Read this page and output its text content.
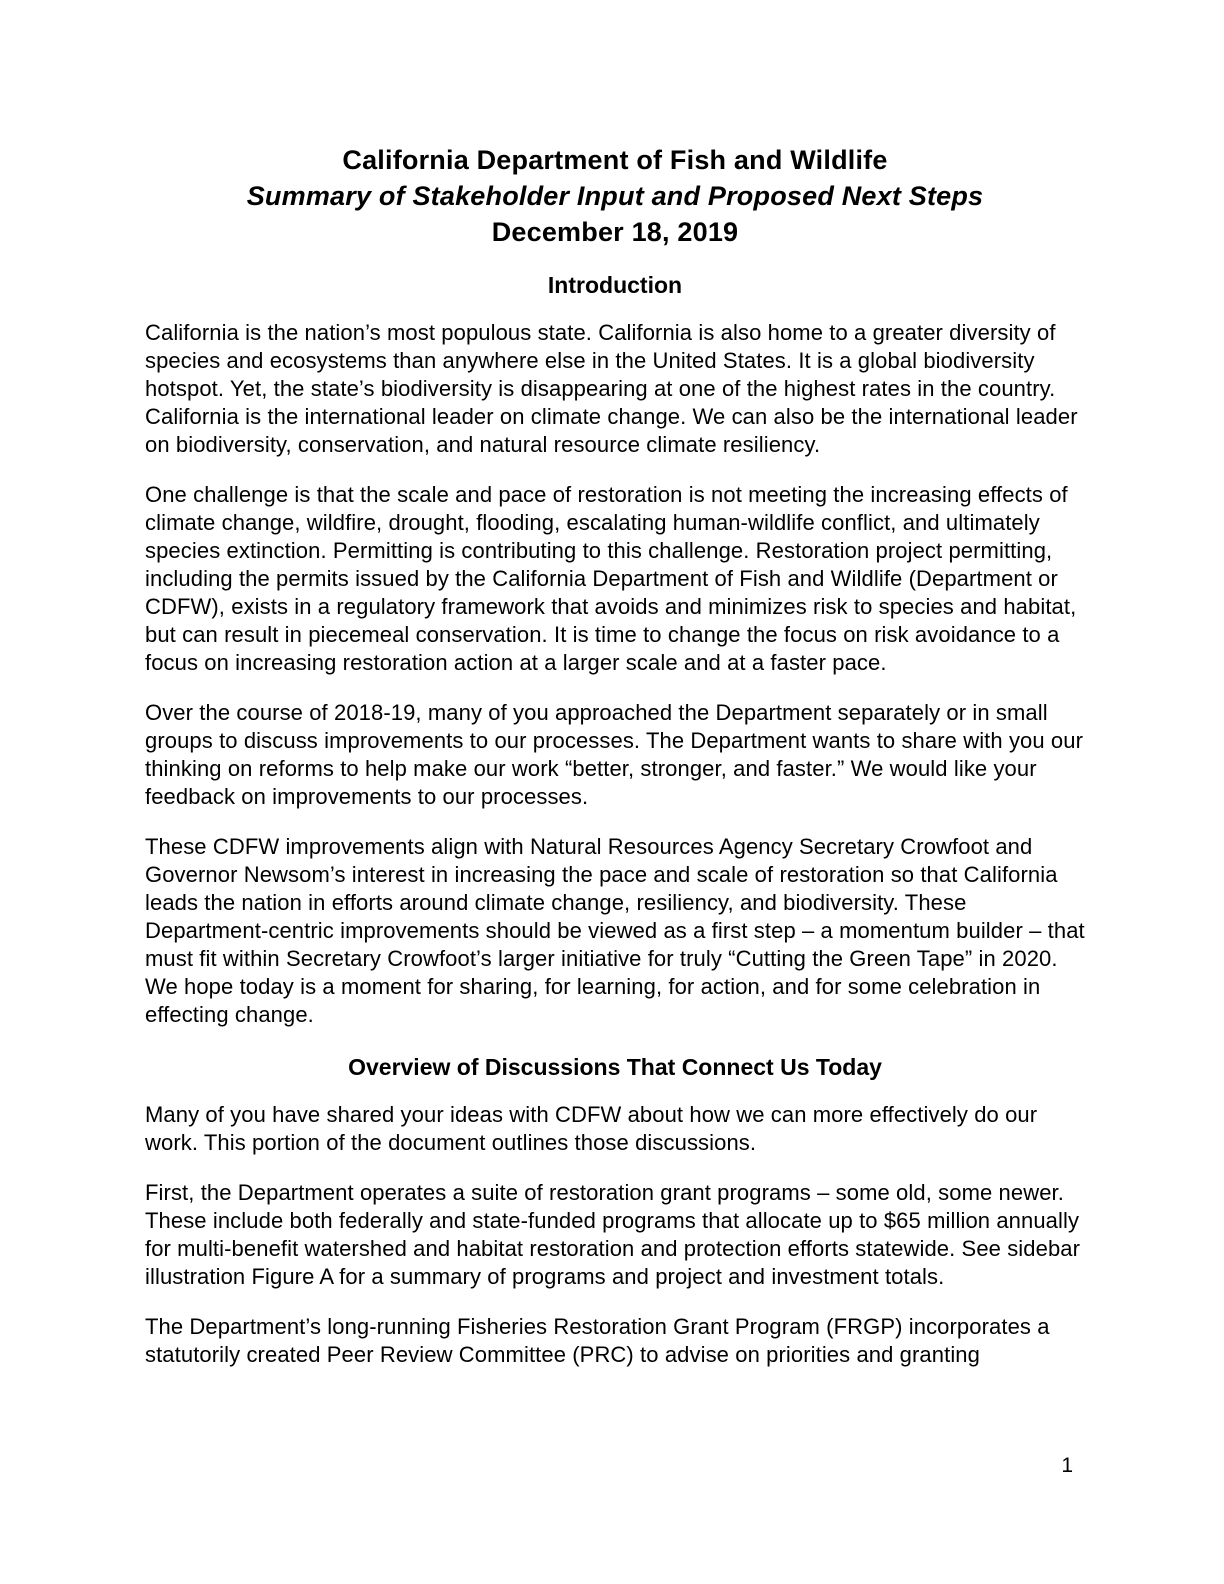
California Department of Fish and Wildlife
Summary of Stakeholder Input and Proposed Next Steps
December 18, 2019
Introduction

California is the nation’s most populous state. California is also home to a greater diversity of species and ecosystems than anywhere else in the United States. It is a global biodiversity hotspot. Yet, the state’s biodiversity is disappearing at one of the highest rates in the country. California is the international leader on climate change. We can also be the international leader on biodiversity, conservation, and natural resource climate resiliency.

One challenge is that the scale and pace of restoration is not meeting the increasing effects of climate change, wildfire, drought, flooding, escalating human-wildlife conflict, and ultimately species extinction. Permitting is contributing to this challenge. Restoration project permitting, including the permits issued by the California Department of Fish and Wildlife (Department or CDFW), exists in a regulatory framework that avoids and minimizes risk to species and habitat, but can result in piecemeal conservation. It is time to change the focus on risk avoidance to a focus on increasing restoration action at a larger scale and at a faster pace.

Over the course of 2018-19, many of you approached the Department separately or in small groups to discuss improvements to our processes. The Department wants to share with you our thinking on reforms to help make our work “better, stronger, and faster.” We would like your feedback on improvements to our processes.

These CDFW improvements align with Natural Resources Agency Secretary Crowfoot and Governor Newsom’s interest in increasing the pace and scale of restoration so that California leads the nation in efforts around climate change, resiliency, and biodiversity. These Department-centric improvements should be viewed as a first step – a momentum builder – that must fit within Secretary Crowfoot’s larger initiative for truly “Cutting the Green Tape” in 2020. We hope today is a moment for sharing, for learning, for action, and for some celebration in effecting change.

Overview of Discussions That Connect Us Today

Many of you have shared your ideas with CDFW about how we can more effectively do our work. This portion of the document outlines those discussions.

First, the Department operates a suite of restoration grant programs – some old, some newer. These include both federally and state-funded programs that allocate up to $65 million annually for multi-benefit watershed and habitat restoration and protection efforts statewide. See sidebar illustration Figure A for a summary of programs and project and investment totals.

The Department’s long-running Fisheries Restoration Grant Program (FRGP) incorporates a statutorily created Peer Review Committee (PRC) to advise on priorities and granting

1
